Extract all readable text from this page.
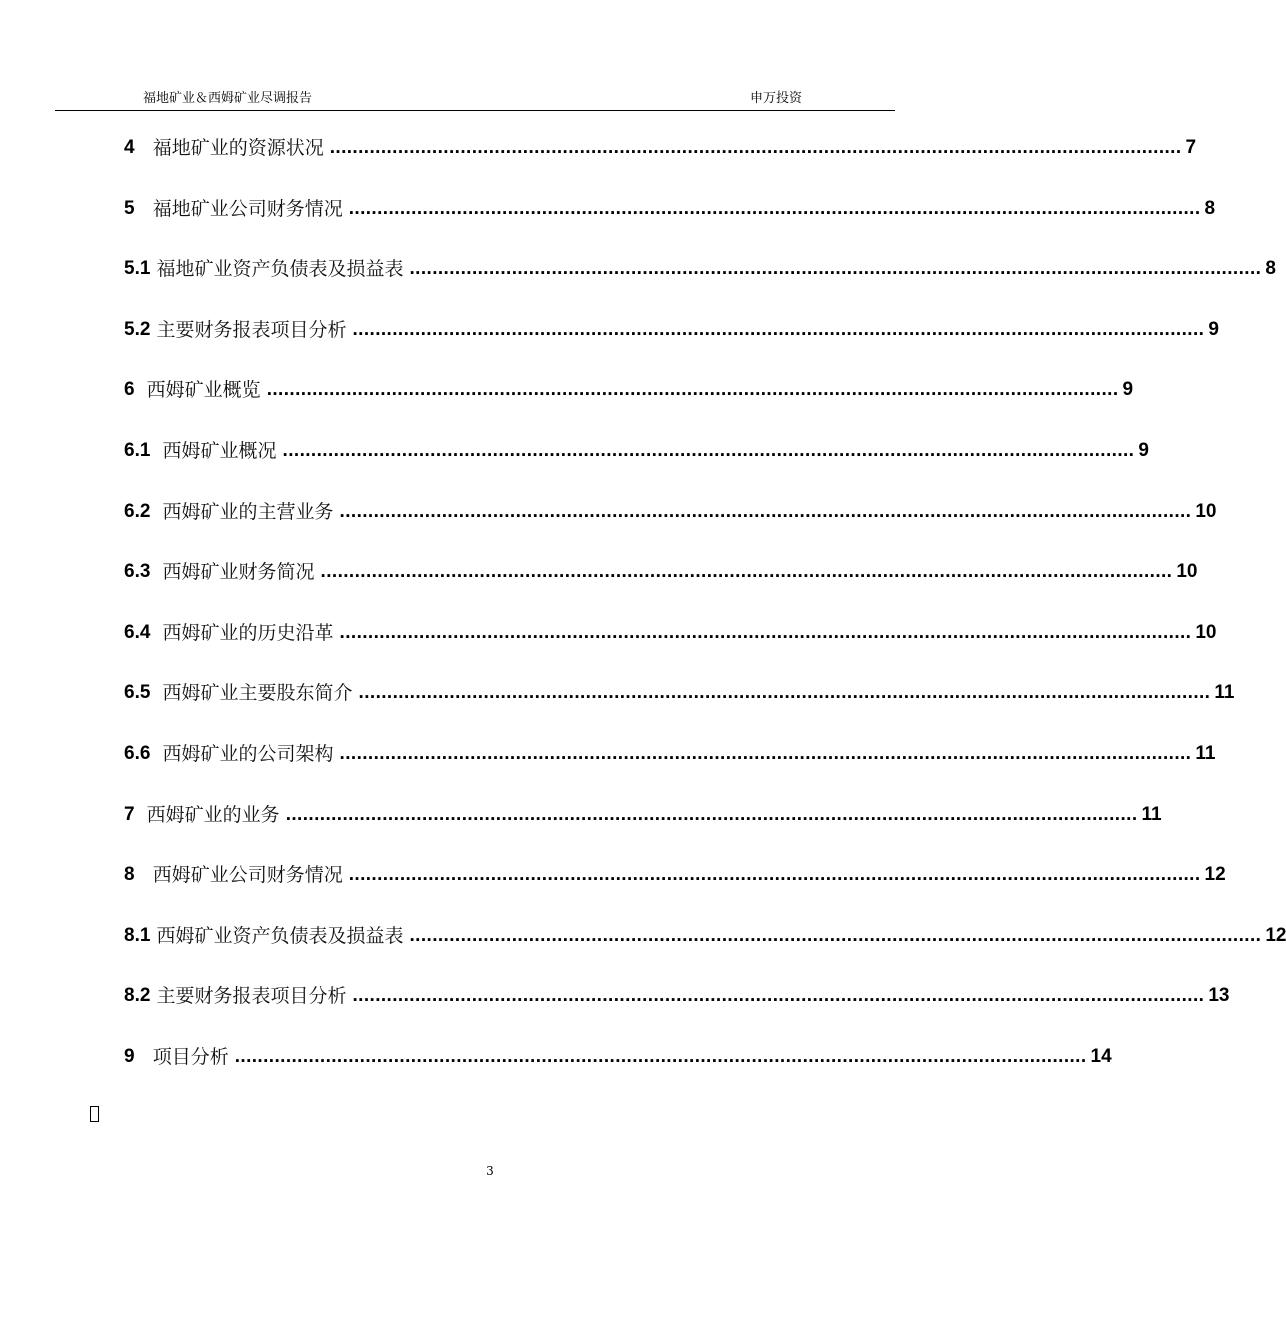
福地矿业＆西姆矿业尽调报告	申万投资
4
福地矿业的资源状况 ...................................................................................................................................................... 7
5
福地矿业公司财务情况 ...................................................................................................................................................... 8
5.1
福地矿业资产负债表及损益表 ...................................................................................................................................................... 8
5.2
主要财务报表项目分析 ...................................................................................................................................................... 9
6
西姆矿业概览 ...................................................................................................................................................... 9
6.1
西姆矿业概况 ...................................................................................................................................................... 9
6.2
西姆矿业的主营业务 ...................................................................................................................................................... 10
6.3
西姆矿业财务简况 ...................................................................................................................................................... 10
6.4
西姆矿业的历史沿革 ...................................................................................................................................................... 10
6.5
西姆矿业主要股东简介 ...................................................................................................................................................... 11
6.6
西姆矿业的公司架构 ...................................................................................................................................................... 11
7
西姆矿业的业务 ...................................................................................................................................................... 11
8
西姆矿业公司财务情况 ...................................................................................................................................................... 12
8.1
西姆矿业资产负债表及损益表 ...................................................................................................................................................... 12
8.2
主要财务报表项目分析 ...................................................................................................................................................... 13
9
项目分析 ...................................................................................................................................................... 14
3
